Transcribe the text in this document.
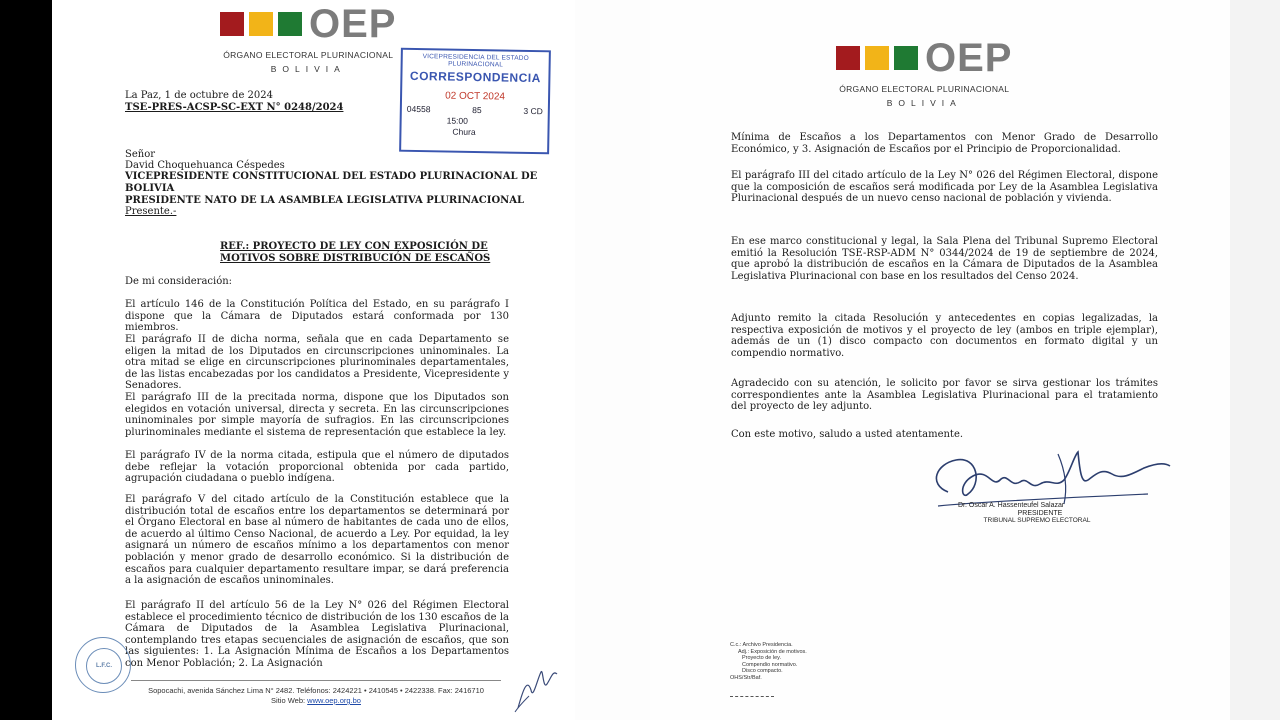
OEP
ÓRGANO ELECTORAL PLURINACIONAL
BOLIVIA
VICEPRESIDENCIA DEL ESTADO PLURINACIONAL
CORRESPONDENCIA
02 OCT 2024
04558	85	3 CD
15:00
Chura
La Paz, 1 de octubre de 2024
TSE-PRES-ACSP-SC-EXT N° 0248/2024
Señor
David Choquehuanca Céspedes
VICEPRESIDENTE CONSTITUCIONAL DEL ESTADO PLURINACIONAL DE
BOLIVIA
PRESIDENTE NATO DE LA ASAMBLEA LEGISLATIVA PLURINACIONAL
Presente.-
REF.: PROYECTO DE LEY CON EXPOSICIÓN DE
MOTIVOS SOBRE DISTRIBUCIÓN DE ESCAÑOS
De mi consideración:
El artículo 146 de la Constitución Política del Estado, en su parágrafo I dispone que la Cámara de Diputados estará conformada por 130 miembros.
El parágrafo II de dicha norma, señala que en cada Departamento se eligen la mitad de los Diputados en circunscripciones uninominales. La otra mitad se elige en circunscripciones plurinominales departamentales, de las listas encabezadas por los candidatos a Presidente, Vicepresidente y Senadores.
El parágrafo III de la precitada norma, dispone que los Diputados son elegidos en votación universal, directa y secreta. En las circunscripciones uninominales por simple mayoría de sufragios. En las circunscripciones plurinominales mediante el sistema de representación que establece la ley.
El parágrafo IV de la norma citada, estipula que el número de diputados debe reflejar la votación proporcional obtenida por cada partido, agrupación ciudadana o pueblo indígena.
El parágrafo V del citado artículo de la Constitución establece que la distribución total de escaños entre los departamentos se determinará por el Órgano Electoral en base al número de habitantes de cada uno de ellos, de acuerdo al último Censo Nacional, de acuerdo a Ley. Por equidad, la ley asignará un número de escaños mínimo a los departamentos con menor población y menor grado de desarrollo económico. Si la distribución de escaños para cualquier departamento resultare impar, se dará preferencia a la asignación de escaños uninominales.
El parágrafo II del artículo 56 de la Ley N° 026 del Régimen Electoral establece el procedimiento técnico de distribución de los 130 escaños de la Cámara de Diputados de la Asamblea Legislativa Plurinacional, contemplando tres etapas secuenciales de asignación de escaños, que son las siguientes: 1. La Asignación Mínima de Escaños a los Departamentos con Menor Población; 2. La Asignación
L.F.C.
Sopocachi, avenida Sánchez Lima N° 2482. Teléfonos: 2424221 • 2410545 • 2422338. Fax: 2416710
Sitio Web: www.oep.org.bo
OEP
ÓRGANO ELECTORAL PLURINACIONAL
BOLIVIA
Mínima de Escaños a los Departamentos con Menor Grado de Desarrollo Económico, y 3. Asignación de Escaños por el Principio de Proporcionalidad.
El parágrafo III del citado artículo de la Ley N° 026 del Régimen Electoral, dispone que la composición de escaños será modificada por Ley de la Asamblea Legislativa Plurinacional después de un nuevo censo nacional de población y vivienda.
En ese marco constitucional y legal, la Sala Plena del Tribunal Supremo Electoral emitió la Resolución TSE-RSP-ADM N° 0344/2024 de 19 de septiembre de 2024, que aprobó la distribución de escaños en la Cámara de Diputados de la Asamblea Legislativa Plurinacional con base en los resultados del Censo 2024.
Adjunto remito la citada Resolución y antecedentes en copias legalizadas, la respectiva exposición de motivos y el proyecto de ley (ambos en triple ejemplar), además de un (1) disco compacto con documentos en formato digital y un compendio normativo.
Agradecido con su atención, le solicito por favor se sirva gestionar los trámites correspondientes ante la Asamblea Legislativa Plurinacional para el tratamiento del proyecto de ley adjunto.
Con este motivo, saludo a usted atentamente.
Dr. Oscar A. Hassenteufel Salazar
PRESIDENTE
TRIBUNAL SUPREMO ELECTORAL
C.c.: Archivo Presidencia.
Adj.: Exposición de motivos.
Proyecto de ley.
Compendio normativo.
Disco compacto.
OHS/Str/Baf.
